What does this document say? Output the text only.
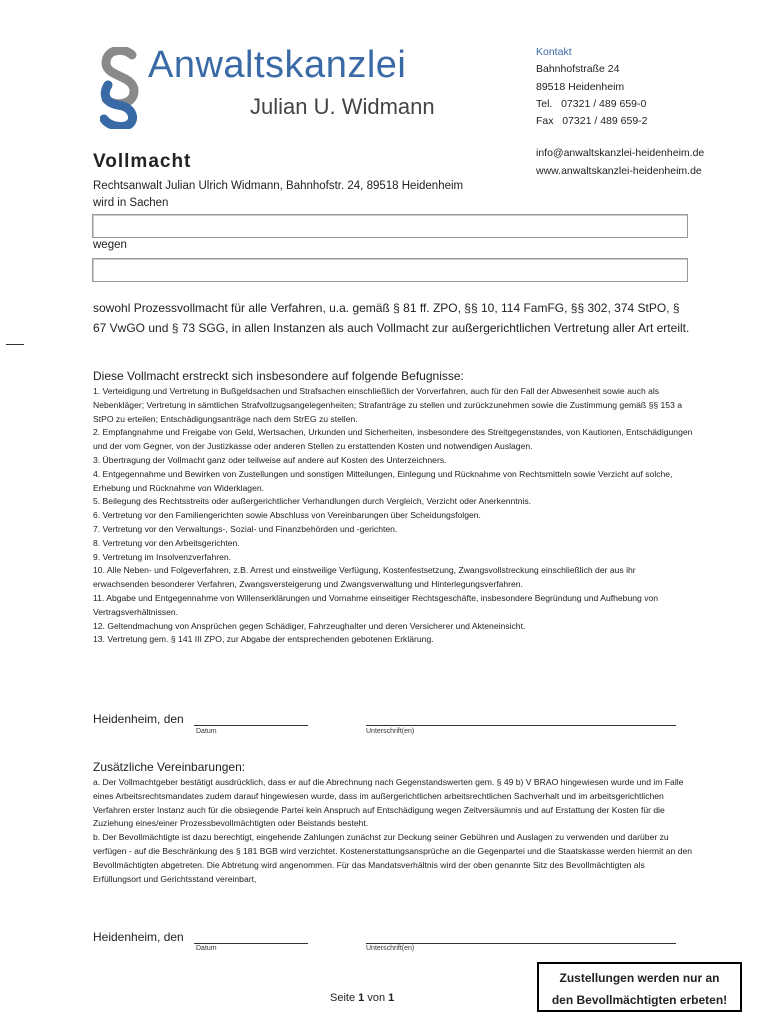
Anwaltskanzlei
Julian U. Widmann
Kontakt
Bahnhofstraße 24
89518 Heidenheim
Tel.   07321 / 489 659-0
Fax   07321 / 489 659-2
info@anwaltskanzlei-heidenheim.de
www.anwaltskanzlei-heidenheim.de
Vollmacht
Rechtsanwalt Julian Ulrich Widmann, Bahnhofstr. 24, 89518 Heidenheim
wird in Sachen
wegen
sowohl Prozessvollmacht für alle Verfahren, u.a. gemäß § 81 ff. ZPO, §§ 10, 114 FamFG, §§ 302, 374 StPO, § 67 VwGO und § 73 SGG, in allen Instanzen als auch Vollmacht zur außergerichtlichen Vertretung aller Art erteilt.
Diese Vollmacht erstreckt sich insbesondere auf folgende Befugnisse:
1. Verteidigung und Vertretung in Bußgeldsachen und Strafsachen einschließlich der Vorverfahren, auch für den Fall der Abwesenheit sowie auch als Nebenkläger; Vertretung in sämtlichen Strafvollzugsangelegenheiten; Strafanträge zu stellen und zurückzunehmen sowie die Zustimmung gemäß §§ 153 a StPO zu erteilen; Entschädigungsanträge nach dem StrEG zu stellen.
2. Empfangnahme und Freigabe von Geld, Wertsachen, Urkunden und Sicherheiten, insbesondere des Streitgegenstandes, von Kautionen, Entschädigungen und der vom Gegner, von der Justizkasse oder anderen Stellen zu erstattenden Kosten und notwendigen Auslagen.
3. Übertragung der Vollmacht ganz oder teilweise auf andere auf Kosten des Unterzeichners.
4. Entgegennahme und Bewirken von Zustellungen und sonstigen Mitteilungen, Einlegung und Rücknahme von Rechtsmitteln sowie Verzicht auf solche, Erhebung und Rücknahme von Widerklagen.
5. Beilegung des Rechtsstreits oder außergerichtlicher Verhandlungen durch Vergleich, Verzicht oder Anerkenntnis.
6. Vertretung vor den Familiengerichten sowie Abschluss von Vereinbarungen über Scheidungsfolgen.
7. Vertretung vor den Verwaltungs-, Sozial- und Finanzbehörden und -gerichten.
8. Vertretung vor den Arbeitsgerichten.
9. Vertretung im Insolvenzverfahren.
10. Alle Neben- und Folgeverfahren, z.B. Arrest und einstweilige Verfügung, Kostenfestsetzung, Zwangsvollstreckung einschließlich der aus ihr erwachsenden besonderer Verfahren, Zwangsversteigerung und Zwangsverwaltung und Hinterlegungsverfahren.
11. Abgabe und Entgegennahme von Willenserklärungen und Vornahme einseitiger Rechtsgeschäfte, insbesondere Begründung und Aufhebung von Vertragsverhältnissen.
12. Geltendmachung von Ansprüchen gegen Schädiger, Fahrzeughalter und deren Versicherer und Akteneinsicht.
13. Vertretung gem. § 141 III ZPO, zur Abgabe der entsprechenden gebotenen Erklärung.
Heidenheim, den
Datum	Unterschrift(en)
Zusätzliche Vereinbarungen:
a. Der Vollmachtgeber bestätigt ausdrücklich, dass er auf die Abrechnung nach Gegenstandswerten gem. § 49 b) V BRAO hingewiesen wurde und im Falle eines Arbeitsrechtsmandates zudem darauf hingewiesen wurde, dass im außergerichtlichen arbeitsrechtlichen Sachverhalt und im arbeitsgerichtlichen Verfahren erster Instanz auch für die obsiegende Partei kein Anspruch auf Entschädigung wegen Zeitversäumnis und auf Erstattung der Kosten für die Zuziehung eines/einer Prozessbevollmächtigten oder Beistands besteht.
b. Der Bevollmächtigte ist dazu berechtigt, eingehende Zahlungen zunächst zur Deckung seiner Gebühren und Auslagen zu verwenden und darüber zu verfügen - auf die Beschränkung des § 181 BGB wird verzichtet. Kostenerstattungsansprüche an die Gegenpartei und die Staatskasse werden hiermit an den Bevollmächtigten abgetreten. Die Abtretung wird angenommen. Für das Mandatsverhältnis wird der oben genannte Sitz des Bevollmächtigten als Erfüllungsort und Gerichtsstand vereinbart,
Heidenheim, den
Datum	Unterschrift(en)
Seite 1 von 1
Zustellungen werden nur an
den Bevollmächtigten erbeten!
